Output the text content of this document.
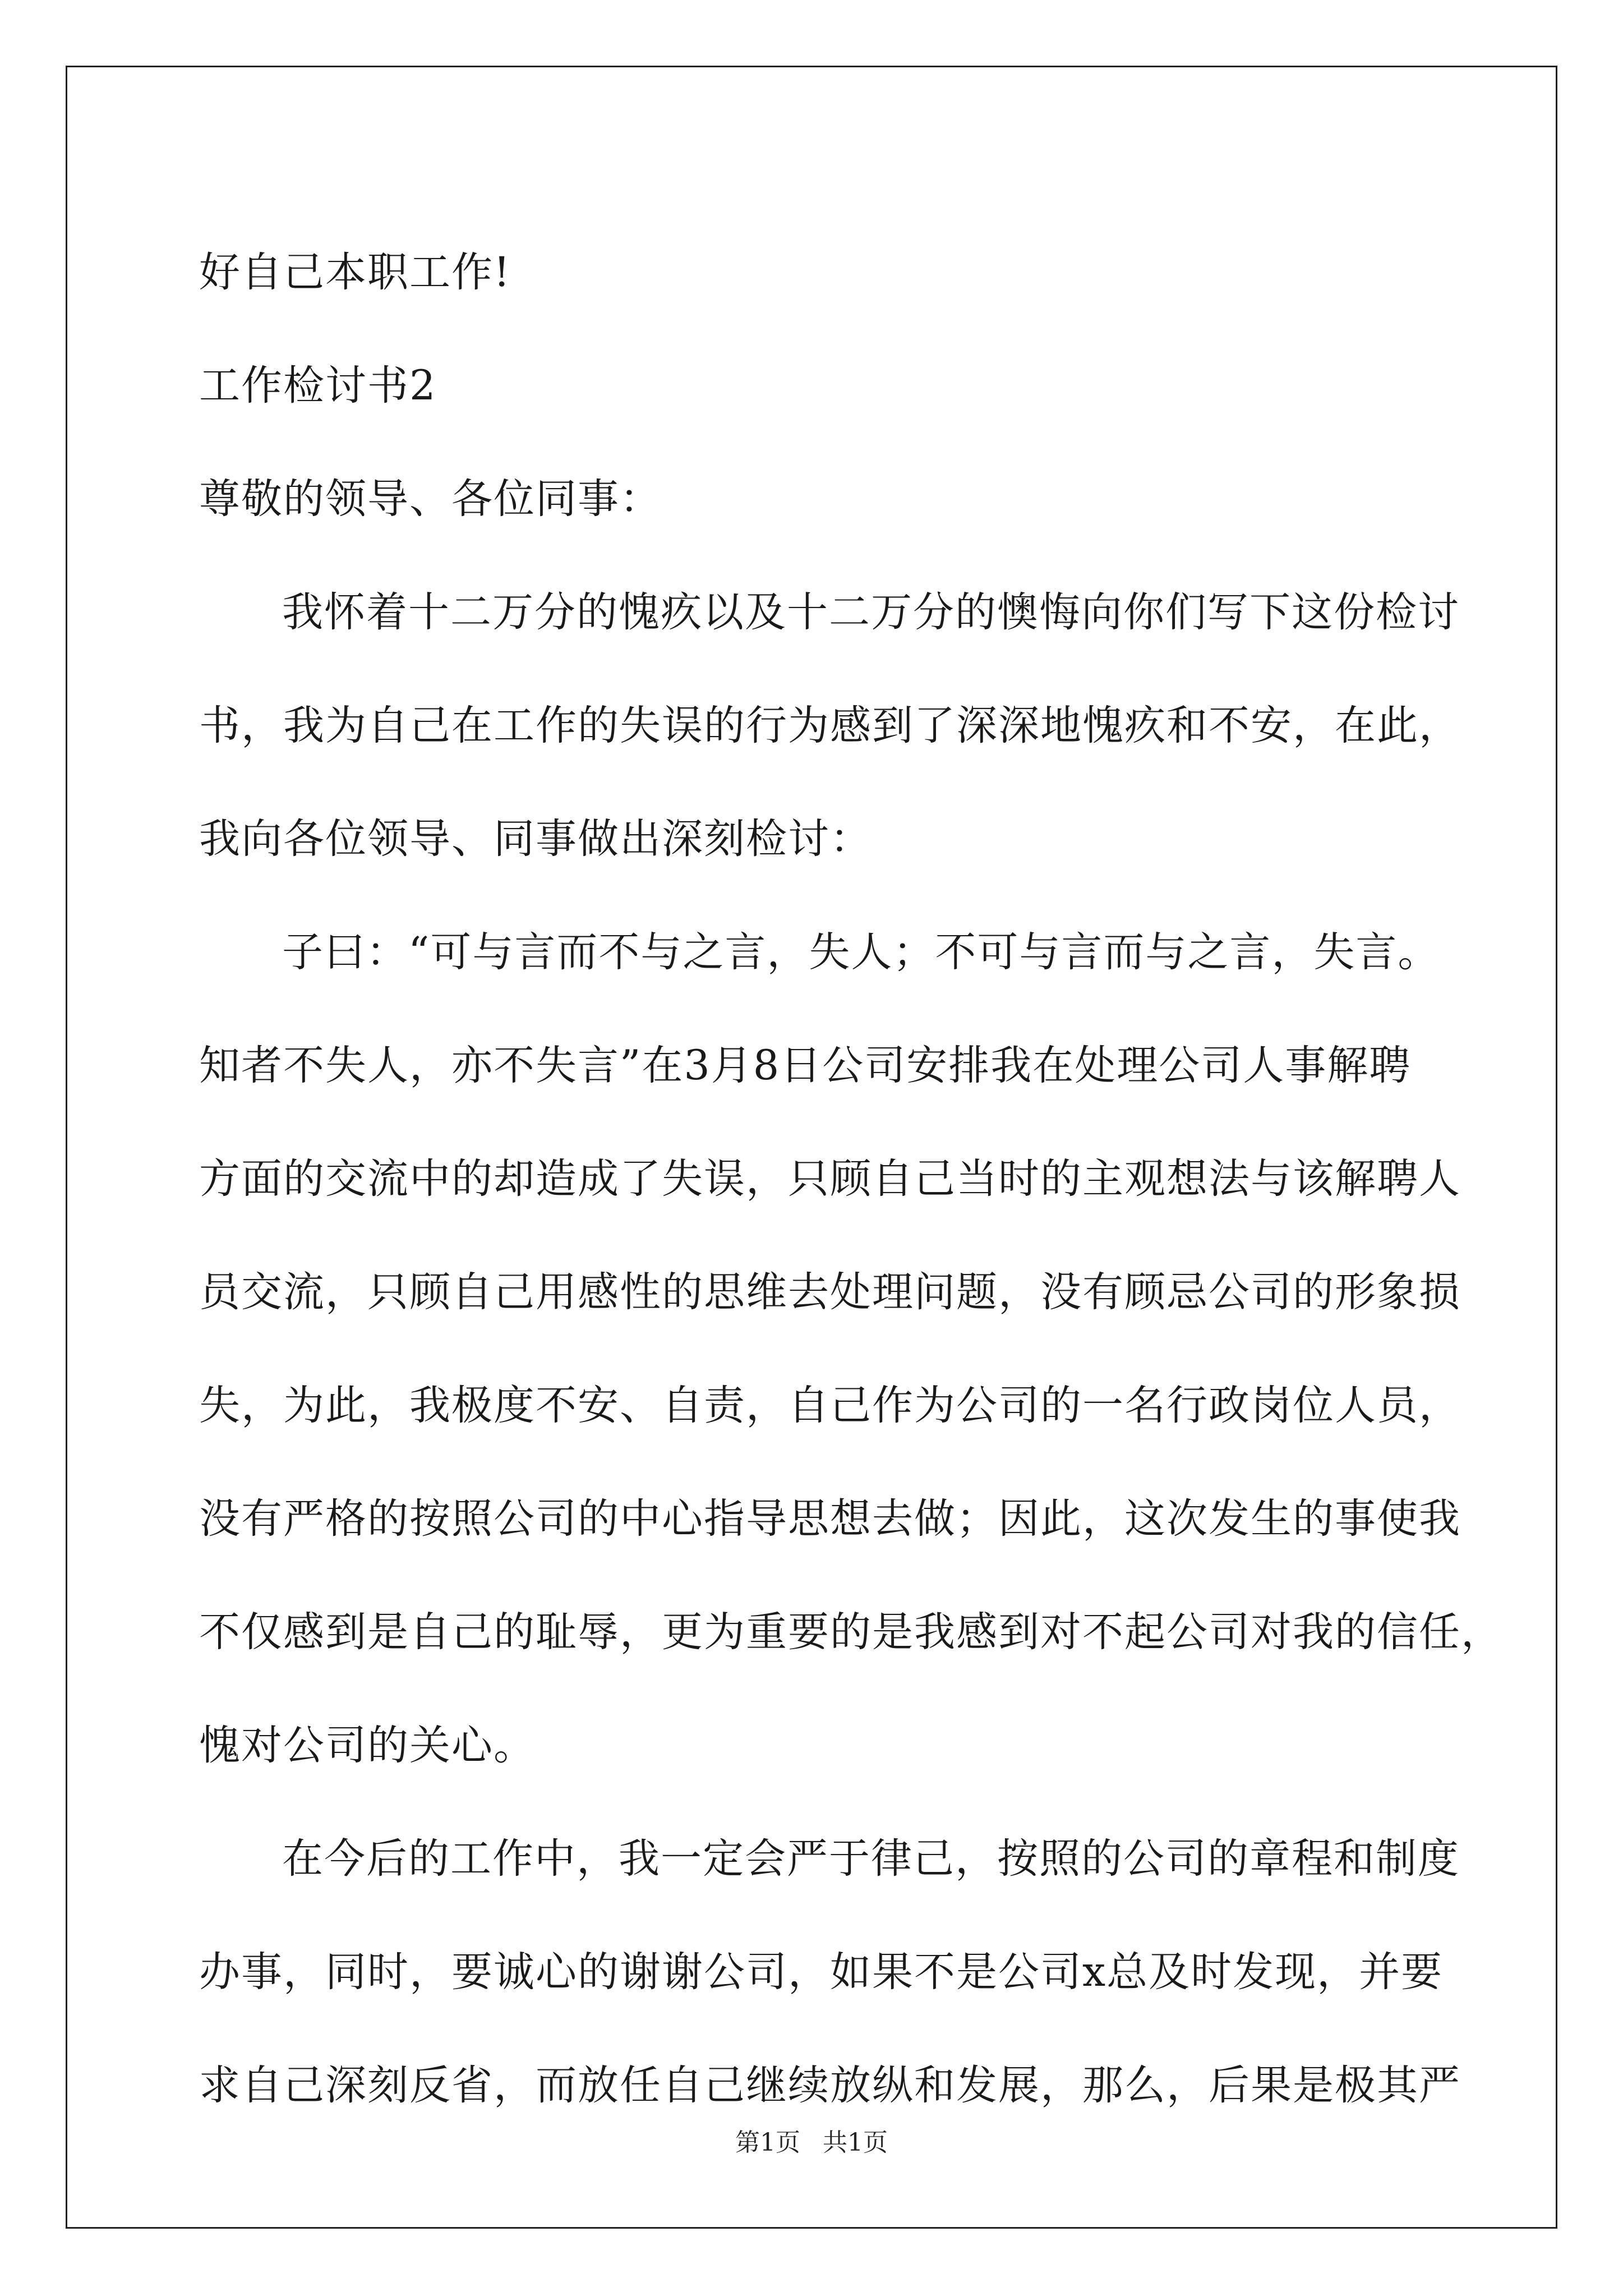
好自己本职工作!

工作检讨书2

尊敬的领导、各位同事：

我怀着十二万分的愧疚以及十二万分的懊悔向你们写下这份检讨

书，我为自己在工作的失误的行为感到了深深地愧疚和不安，在此，

我向各位领导、同事做出深刻检讨：

子曰：“可与言而不与之言，失人；不可与言而与之言，失言。

知者不失人，亦不失言”在3月8日公司安排我在处理公司人事解聘

方面的交流中的却造成了失误，只顾自己当时的主观想法与该解聘人

员交流，只顾自己用感性的思维去处理问题，没有顾忌公司的形象损

失，为此，我极度不安、自责，自己作为公司的一名行政岗位人员，

没有严格的按照公司的中心指导思想去做；因此，这次发生的事使我

不仅感到是自己的耻辱，更为重要的是我感到对不起公司对我的信任，

愧对公司的关心。

在今后的工作中，我一定会严于律己，按照的公司的章程和制度

办事，同时，要诚心的谢谢公司，如果不是公司x总及时发现，并要

求自己深刻反省，而放任自己继续放纵和发展，那么，后果是极其严

第1页 共1页
